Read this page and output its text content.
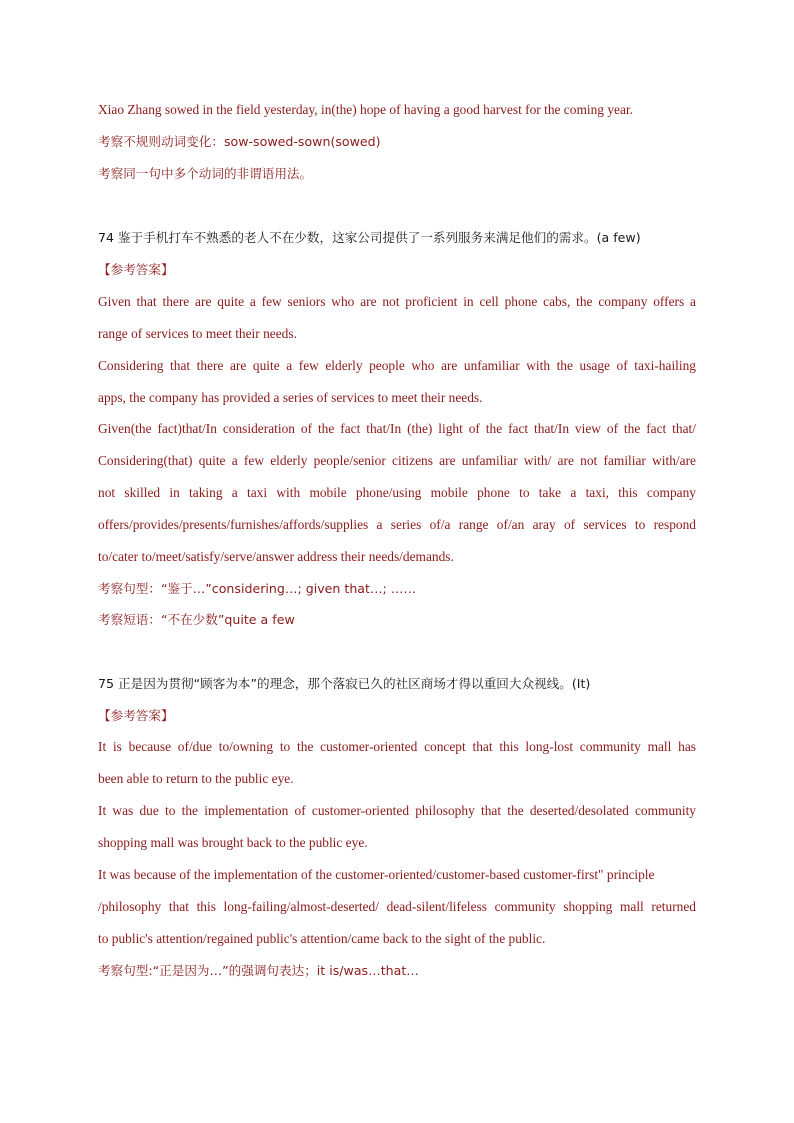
Xiao Zhang sowed in the field yesterday, in(the) hope of having a good harvest for the coming year.
考察不规则动词变化：sow-sowed-sown(sowed)
考察同一句中多个动词的非谓语用法。
74 鉴于手机打车不熟悉的老人不在少数，这家公司提供了一系列服务来满足他们的需求。(a few)
【参考答案】
Given that there are quite a few seniors who are not proficient in cell phone cabs, the company offers a
range of services to meet their needs.
Considering that there are quite a few elderly people who are unfamiliar with the usage of taxi-hailing
apps, the company has provided a series of services to meet their needs.
Given(the fact)that/In consideration of the fact that/In (the) light of the fact that/In view of the fact that/
Considering(that) quite a few elderly people/senior citizens are unfamiliar with/ are not familiar with/are
not skilled in taking a taxi with mobile phone/using mobile phone to take a taxi, this company
offers/provides/presents/furnishes/affords/supplies a series of/a range of/an aray of services to respond
to/cater to/meet/satisfy/serve/answer address their needs/demands.
考察句型：“鉴于…”considering…; given that…; ……
考察短语：“不在少数”quite a few
75 正是因为贯彻“顾客为本”的理念，那个落寂已久的社区商场才得以重回大众视线。(It)
【参考答案】
It is because of/due to/owning to the customer-oriented concept that this long-lost community mall has
been able to return to the public eye.
It was due to the implementation of customer-oriented philosophy that the deserted/desolated community
shopping mall was brought back to the public eye.
It was because of the implementation of the customer-oriented/customer-based customer-first" principle
/philosophy that this long-failing/almost-deserted/ dead-silent/lifeless community shopping mall returned
to public's attention/regained public's attention/came back to the sight of the public.
考察句型:“正是因为…”的强调句表达；it is/was…that…
